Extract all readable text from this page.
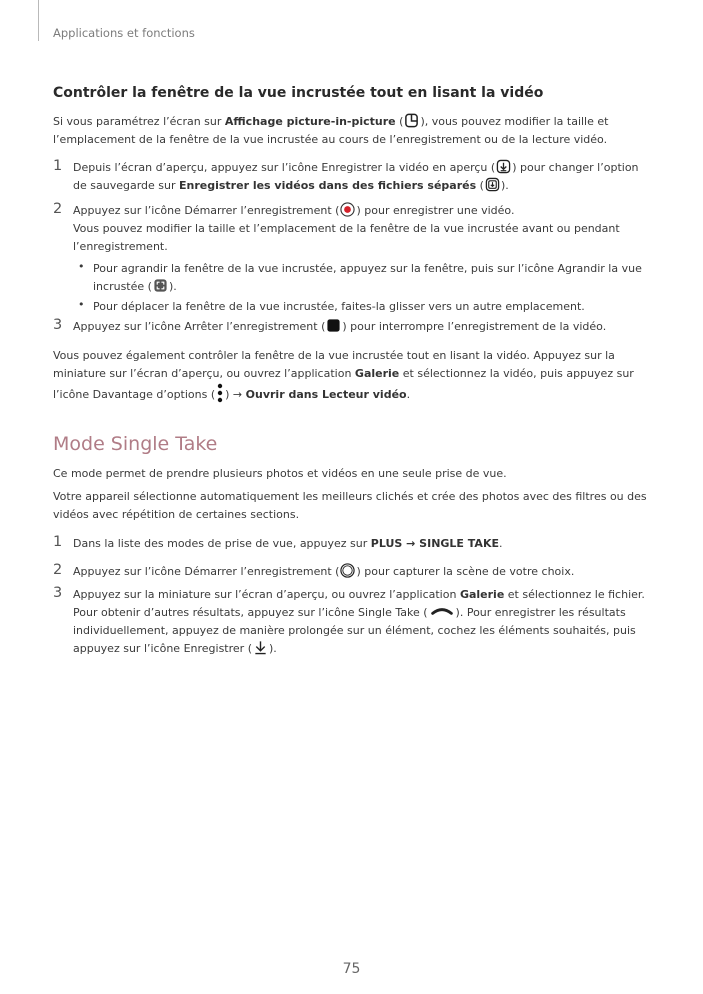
Applications et fonctions
Contrôler la fenêtre de la vue incrustée tout en lisant la vidéo

Si vous paramétrez l’écran sur Affichage picture-in-picture ( ), vous pouvez modifier la taille et l’emplacement de la fenêtre de la vue incrustée au cours de l’enregistrement ou de la lecture vidéo.

1 Depuis l’écran d’aperçu, appuyez sur l’icône Enregistrer la vidéo en aperçu ( ) pour changer l’option de sauvegarde sur Enregistrer les vidéos dans des fichiers séparés ( ).

2 Appuyez sur l’icône Démarrer l’enregistrement ( ) pour enregistrer une vidéo.

Vous pouvez modifier la taille et l’emplacement de la fenêtre de la vue incrustée avant ou pendant l’enregistrement.

• Pour agrandir la fenêtre de la vue incrustée, appuyez sur la fenêtre, puis sur l’icône Agrandir la vue incrustée ( ).

• Pour déplacer la fenêtre de la vue incrustée, faites-la glisser vers un autre emplacement.

3 Appuyez sur l’icône Arrêter l’enregistrement ( ) pour interrompre l’enregistrement de la vidéo.

Vous pouvez également contrôler la fenêtre de la vue incrustée tout en lisant la vidéo. Appuyez sur la miniature sur l’écran d’aperçu, ou ouvrez l’application Galerie et sélectionnez la vidéo, puis appuyez sur l’icône Davantage d’options ( ) → Ouvrir dans Lecteur vidéo.

Mode Single Take

Ce mode permet de prendre plusieurs photos et vidéos en une seule prise de vue.

Votre appareil sélectionne automatiquement les meilleurs clichés et crée des photos avec des filtres ou des vidéos avec répétition de certaines sections.

1 Dans la liste des modes de prise de vue, appuyez sur PLUS → SINGLE TAKE.

2 Appuyez sur l’icône Démarrer l’enregistrement ( ) pour capturer la scène de votre choix.

3 Appuyez sur la miniature sur l’écran d’aperçu, ou ouvrez l’application Galerie et sélectionnez le fichier.

Pour obtenir d’autres résultats, appuyez sur l’icône Single Take (	). Pour enregistrer les résultats individuellement, appuyez de manière prolongée sur un élément, cochez les éléments souhaités, puis appuyez sur l’icône Enregistrer ( ).

75
